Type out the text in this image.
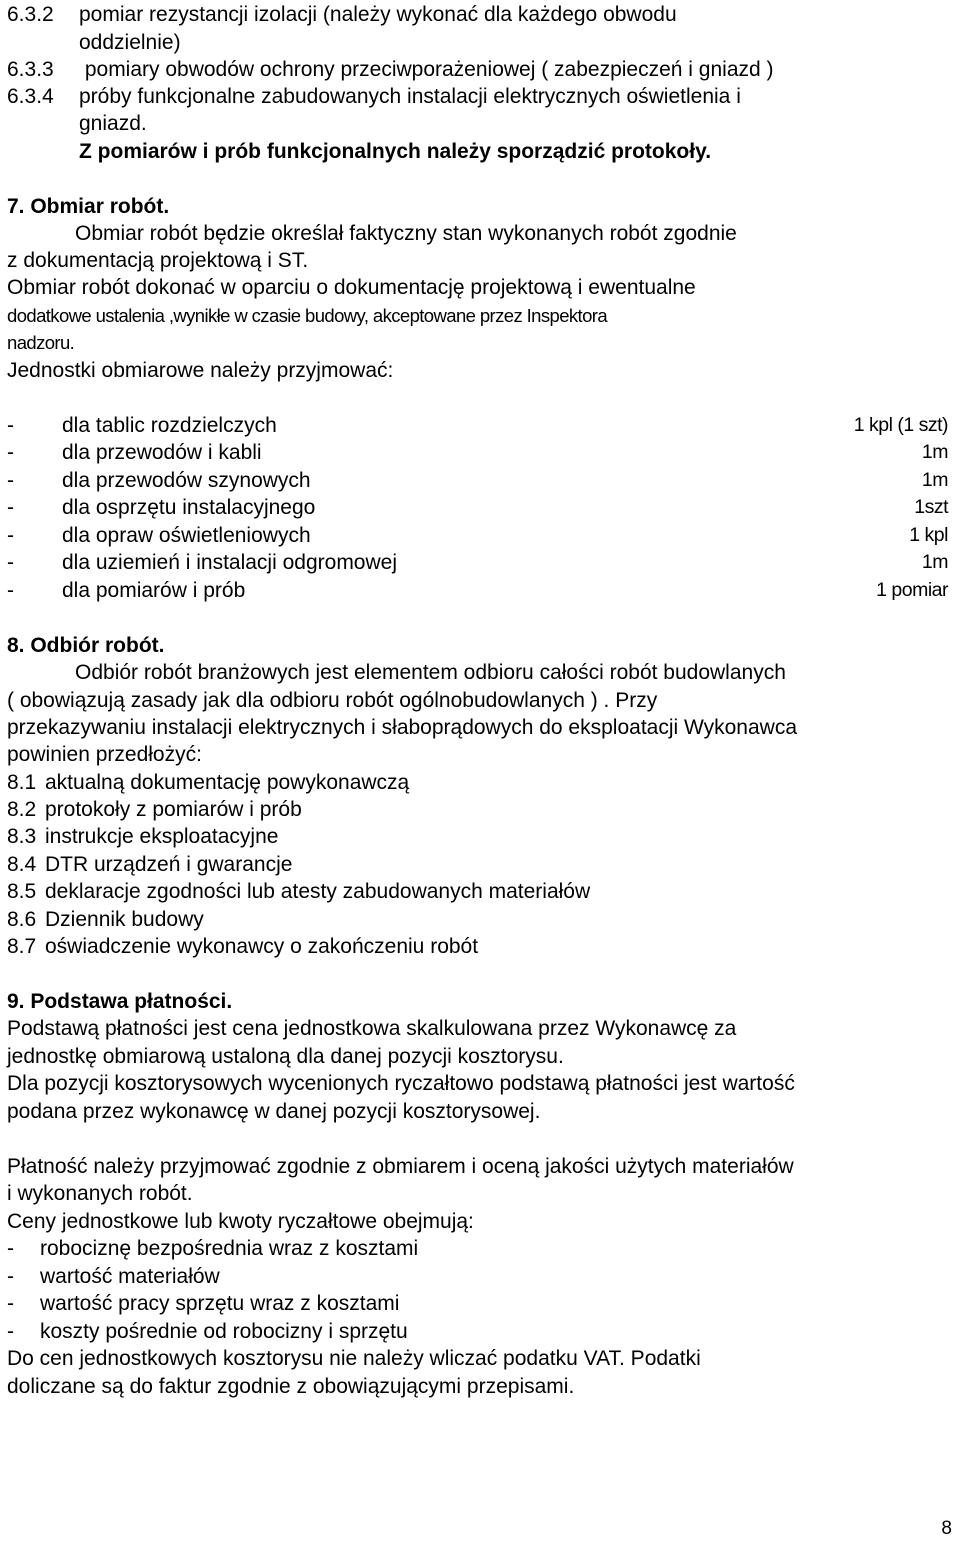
6.3.2 pomiar rezystancji izolacji (należy wykonać dla każdego obwodu
oddzielnie)
6.3.3 pomiary obwodów ochrony przeciwporażeniowej ( zabezpieczeń i gniazd )
6.3.4 próby funkcjonalne zabudowanych instalacji elektrycznych oświetlenia i
gniazd.
Z pomiarów i prób funkcjonalnych należy sporządzić protokoły.
7. Obmiar robót.
Obmiar robót będzie określał faktyczny stan wykonanych robót zgodnie
z dokumentacją projektową i ST.
Obmiar robót dokonać w oparciu o dokumentację projektową i ewentualne
dodatkowe ustalenia ,wynikłe w czasie budowy, akceptowane przez Inspektora
nadzoru.
Jednostki obmiarowe należy przyjmować:
- dla tablic rozdzielczych	1 kpl (1 szt)
- dla przewodów i kabli	1m
- dla przewodów szynowych	1m
- dla osprzętu instalacyjnego	1szt
- dla opraw oświetleniowych	1 kpl
- dla uziemień i instalacji odgromowej	1m
- dla pomiarów i prób	1 pomiar
8. Odbiór robót.
Odbiór robót branżowych jest elementem odbioru całości robót budowlanych
( obowiązują zasady jak dla odbioru robót ogólnobudowlanych ) . Przy
przekazywaniu instalacji elektrycznych i słaboprądowych do eksploatacji Wykonawca
powinien przedłożyć:
8.1 aktualną dokumentację powykonawczą
8.2 protokoły z pomiarów i prób
8.3 instrukcje eksploatacyjne
8.4 DTR urządzeń i gwarancje
8.5 deklaracje zgodności lub atesty zabudowanych materiałów
8.6 Dziennik budowy
8.7 oświadczenie wykonawcy o zakończeniu robót
9. Podstawa płatności.
Podstawą płatności jest cena jednostkowa skalkulowana przez Wykonawcę za
jednostkę obmiarową ustaloną dla danej pozycji kosztorysu.
Dla pozycji kosztorysowych wycenionych ryczałtowo podstawą płatności jest wartość
podana przez wykonawcę w danej pozycji kosztorysowej.
Płatność należy przyjmować zgodnie z obmiarem i oceną jakości użytych materiałów
i wykonanych robót.
Ceny jednostkowe lub kwoty ryczałtowe obejmują:
- robociznę bezpośrednia wraz z kosztami
- wartość materiałów
- wartość pracy sprzętu wraz z kosztami
- koszty pośrednie od robocizny i sprzętu
Do cen jednostkowych kosztorysu nie należy wliczać podatku VAT. Podatki
doliczane są do faktur zgodnie z obowiązującymi przepisami.
8
